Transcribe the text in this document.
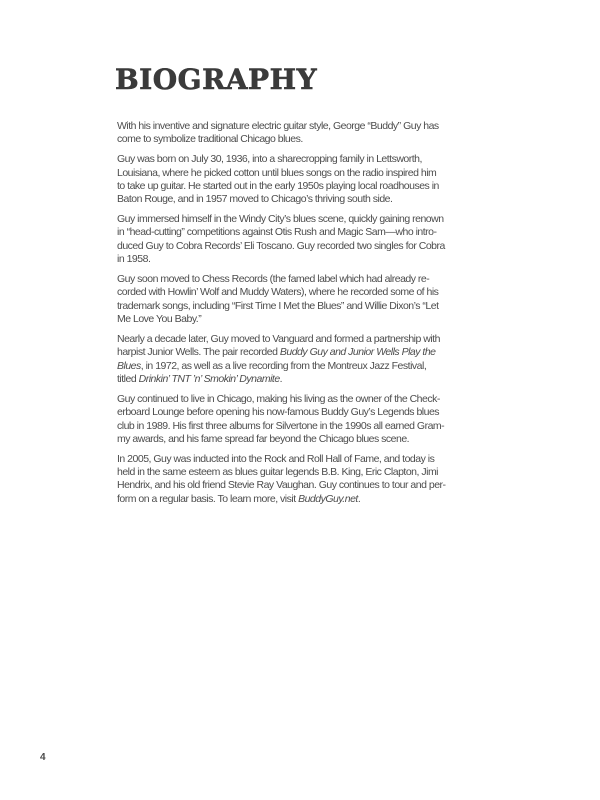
BIOGRAPHY

With his inventive and signature electric guitar style, George “Buddy” Guy has
come to symbolize traditional Chicago blues.

Guy was born on July 30, 1936, into a sharecropping family in Lettsworth,
Louisiana, where he picked cotton until blues songs on the radio inspired him
to take up guitar. He started out in the early 1950s playing local roadhouses in
Baton Rouge, and in 1957 moved to Chicago’s thriving south side.

Guy immersed himself in the Windy City’s blues scene, quickly gaining renown
in “head-cutting” competitions against Otis Rush and Magic Sam—who intro-
duced Guy to Cobra Records’ Eli Toscano. Guy recorded two singles for Cobra
in 1958.

Guy soon moved to Chess Records (the famed label which had already re-
corded with Howlin’ Wolf and Muddy Waters), where he recorded some of his
trademark songs, including “First Time I Met the Blues” and Willie Dixon’s “Let
Me Love You Baby.”

Nearly a decade later, Guy moved to Vanguard and formed a partnership with
harpist Junior Wells. The pair recorded Buddy Guy and Junior Wells Play the
Blues, in 1972, as well as a live recording from the Montreux Jazz Festival,
titled Drinkin’ TNT ’n’ Smokin’ Dynamite.

Guy continued to live in Chicago, making his living as the owner of the Check-
erboard Lounge before opening his now-famous Buddy Guy’s Legends blues
club in 1989. His first three albums for Silvertone in the 1990s all earned Gram-
my awards, and his fame spread far beyond the Chicago blues scene.

In 2005, Guy was inducted into the Rock and Roll Hall of Fame, and today is
held in the same esteem as blues guitar legends B.B. King, Eric Clapton, Jimi
Hendrix, and his old friend Stevie Ray Vaughan. Guy continues to tour and per-
form on a regular basis. To learn more, visit BuddyGuy.net.

4
